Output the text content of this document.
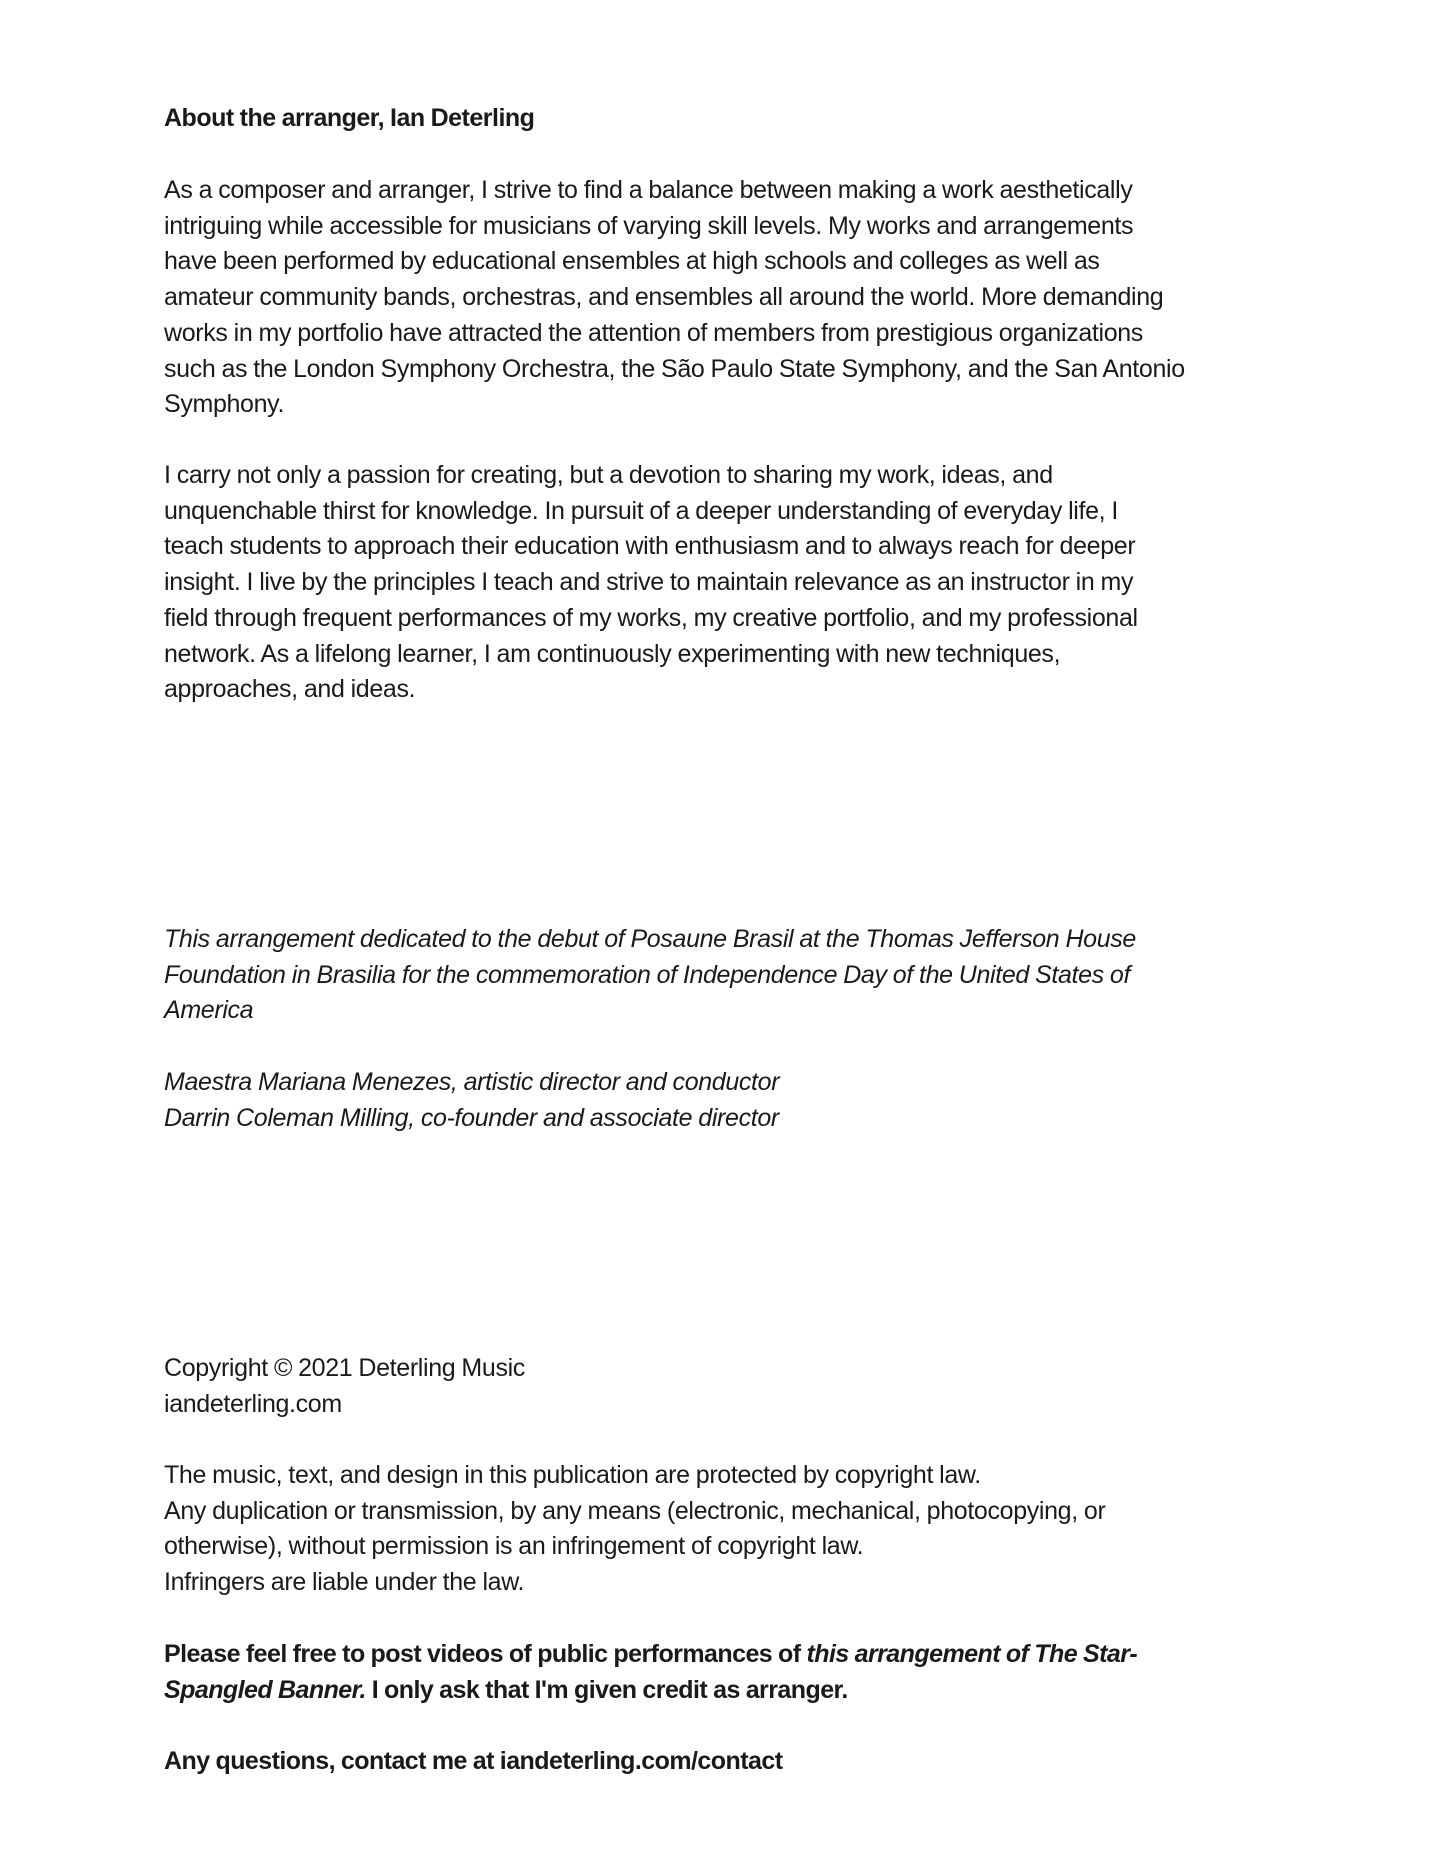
About the arranger, Ian Deterling
As a composer and arranger, I strive to find a balance between making a work aesthetically
intriguing while accessible for musicians of varying skill levels. My works and arrangements
have been performed by educational ensembles at high schools and colleges as well as
amateur community bands, orchestras, and ensembles all around the world. More demanding
works in my portfolio have attracted the attention of members from prestigious organizations
such as the London Symphony Orchestra, the São Paulo State Symphony, and the San Antonio
Symphony.
I carry not only a passion for creating, but a devotion to sharing my work, ideas, and
unquenchable thirst for knowledge. In pursuit of a deeper understanding of everyday life, I
teach students to approach their education with enthusiasm and to always reach for deeper
insight. I live by the principles I teach and strive to maintain relevance as an instructor in my
field through frequent performances of my works, my creative portfolio, and my professional
network. As a lifelong learner, I am continuously experimenting with new techniques,
approaches, and ideas.
This arrangement dedicated to the debut of Posaune Brasil at the Thomas Jefferson House
Foundation in Brasilia for the commemoration of Independence Day of the United States of
America
Maestra Mariana Menezes, artistic director and conductor
Darrin Coleman Milling, co-founder and associate director
Copyright © 2021 Deterling Music
iandeterling.com
The music, text, and design in this publication are protected by copyright law.
Any duplication or transmission, by any means (electronic, mechanical, photocopying, or
otherwise), without permission is an infringement of copyright law.
Infringers are liable under the law.
Please feel free to post videos of public performances of this arrangement of The Star-
Spangled Banner. I only ask that I'm given credit as arranger.
Any questions, contact me at iandeterling.com/contact
